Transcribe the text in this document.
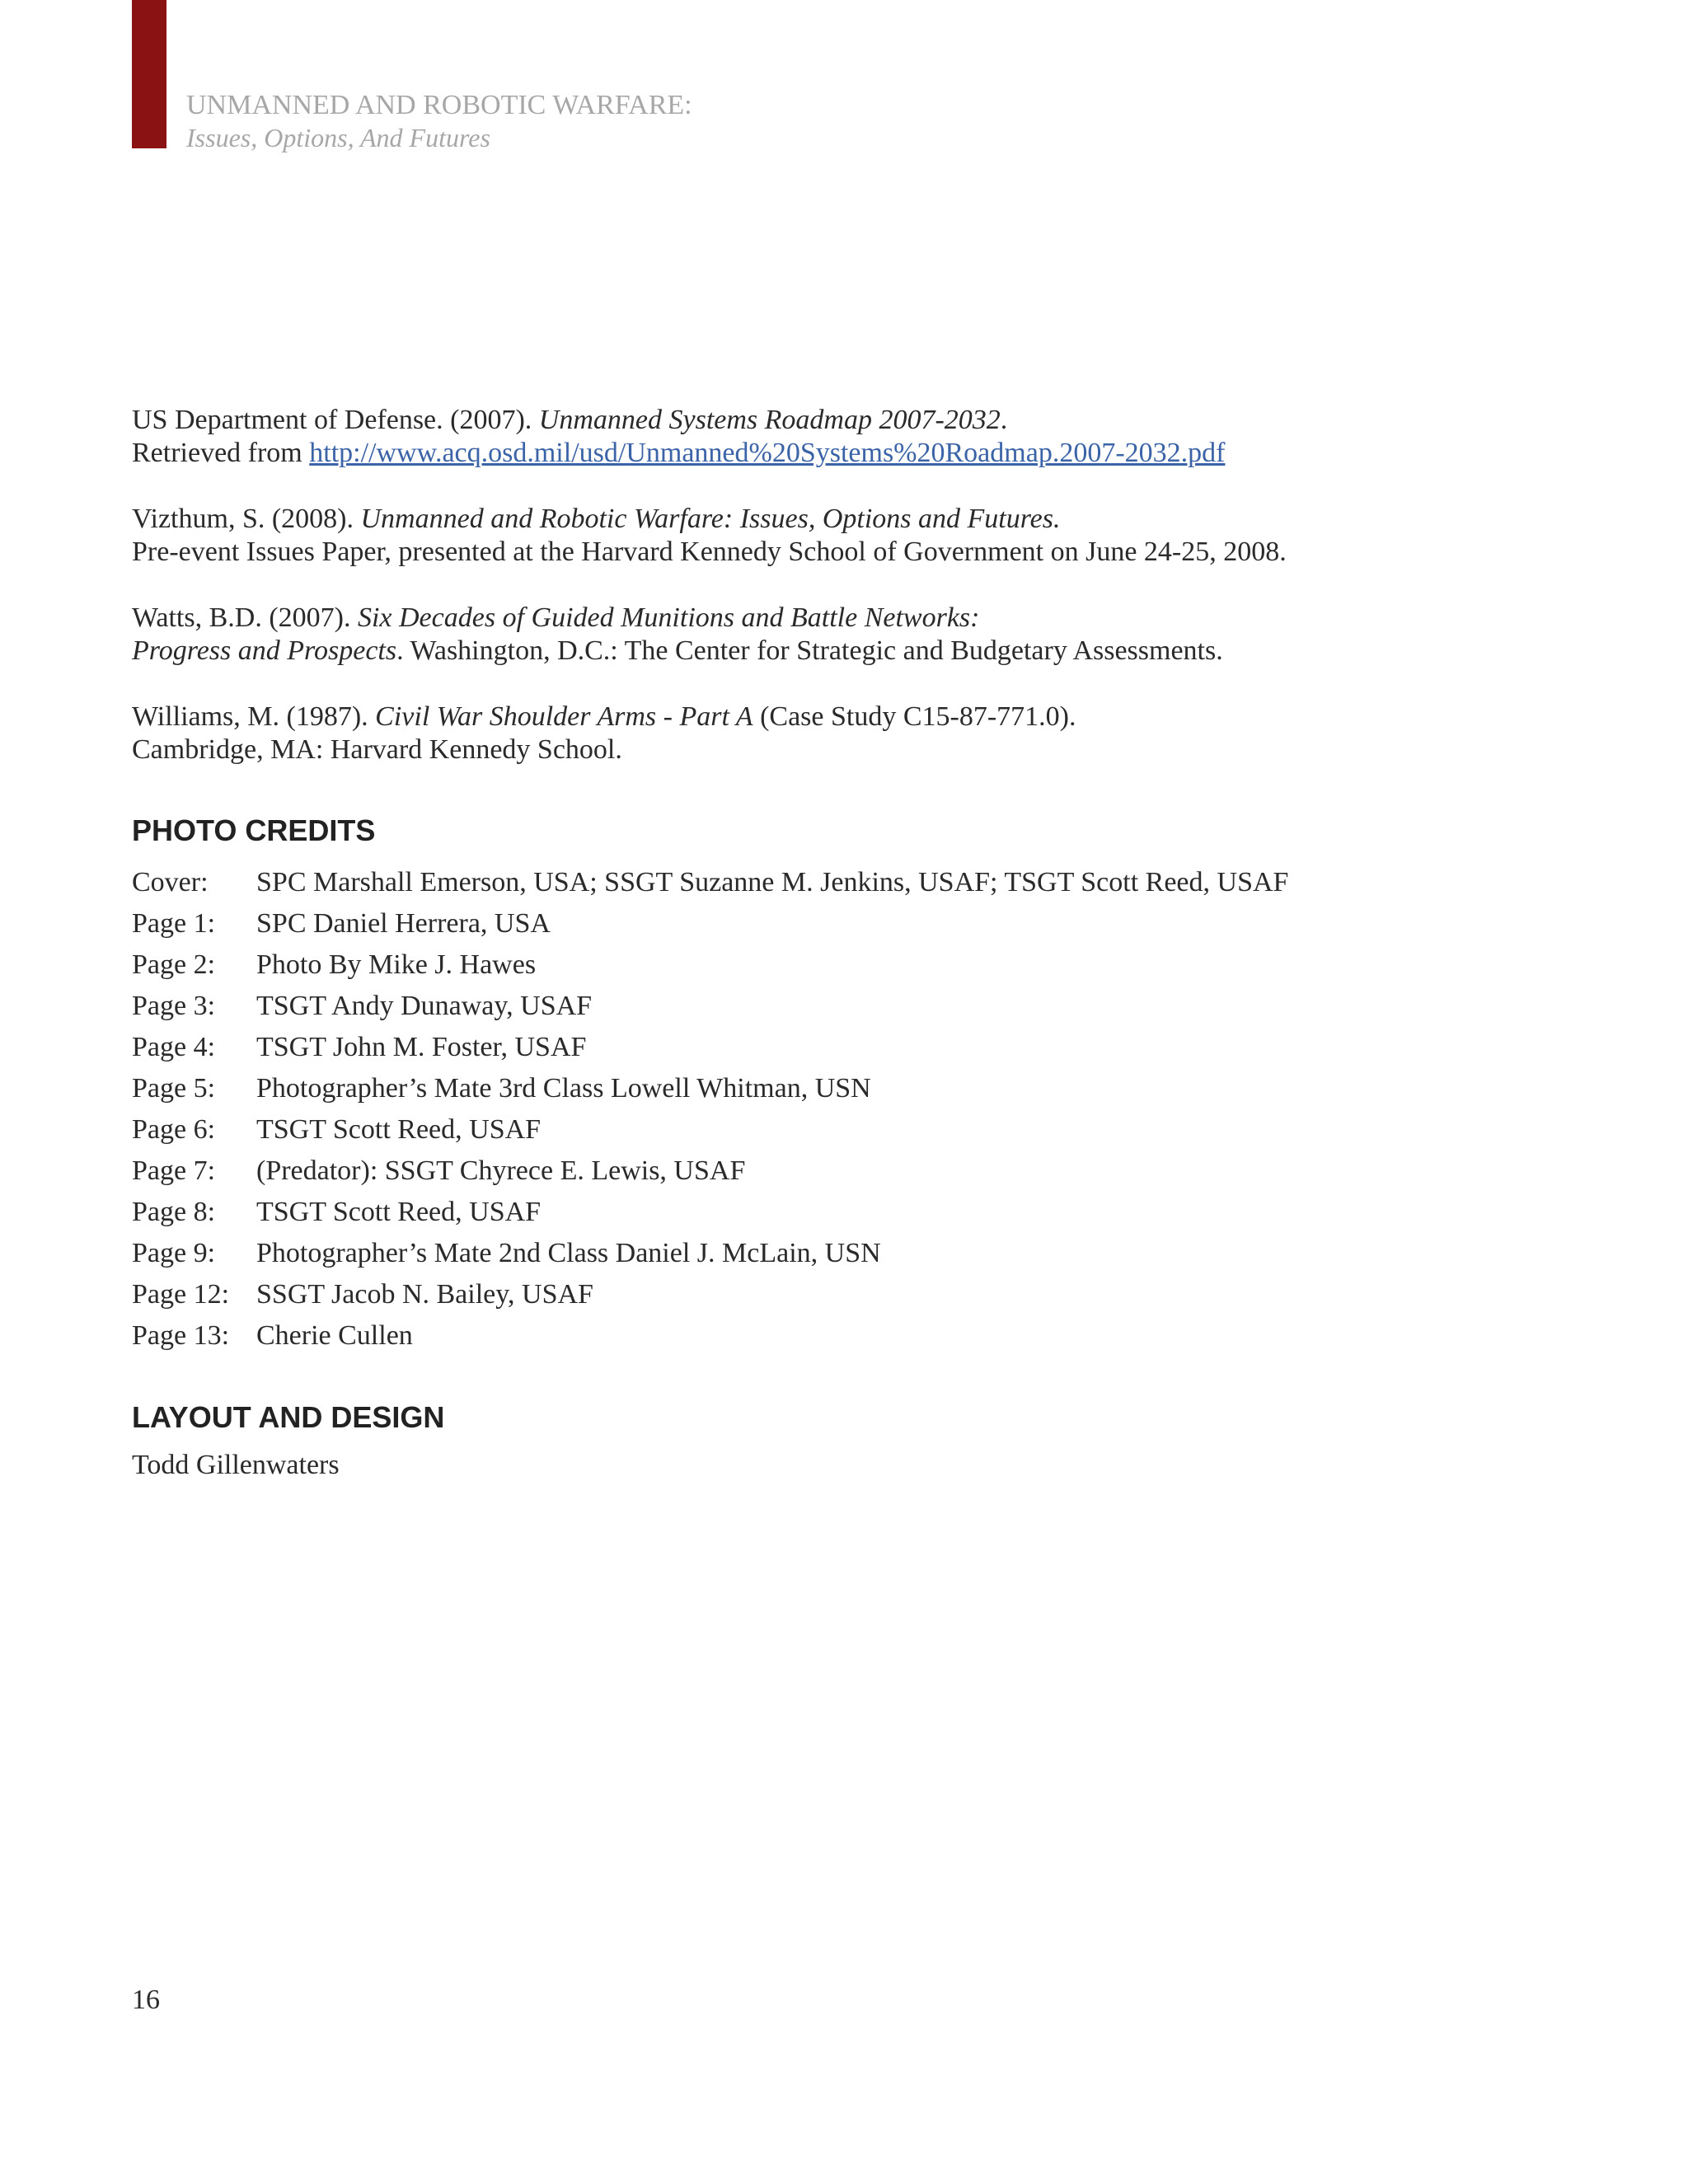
UNMANNED AND ROBOTIC WARFARE:
Issues, Options, And Futures
US Department of Defense. (2007). Unmanned Systems Roadmap 2007-2032.
Retrieved from http://www.acq.osd.mil/usd/Unmanned%20Systems%20Roadmap.2007-2032.pdf
Vizthum, S. (2008). Unmanned and Robotic Warfare: Issues, Options and Futures.
Pre-event Issues Paper, presented at the Harvard Kennedy School of Government on June 24-25, 2008.
Watts, B.D. (2007). Six Decades of Guided Munitions and Battle Networks:
Progress and Prospects. Washington, D.C.: The Center for Strategic and Budgetary Assessments.
Williams, M. (1987). Civil War Shoulder Arms - Part A (Case Study C15-87-771.0).
Cambridge, MA: Harvard Kennedy School.
PHOTO CREDITS
Cover:	SPC Marshall Emerson, USA; SSGT Suzanne M. Jenkins, USAF; TSGT Scott Reed, USAF
Page 1:	SPC Daniel Herrera, USA
Page 2:	Photo By Mike J. Hawes
Page 3:	TSGT Andy Dunaway, USAF
Page 4:	TSGT John M. Foster, USAF
Page 5:	Photographer’s Mate 3rd Class Lowell Whitman, USN
Page 6:	TSGT Scott Reed, USAF
Page 7:	(Predator): SSGT Chyrece E. Lewis, USAF
Page 8:	TSGT Scott Reed, USAF
Page 9:	Photographer’s Mate 2nd Class Daniel J. McLain, USN
Page 12: SSGT Jacob N. Bailey, USAF
Page 13: Cherie Cullen
LAYOUT AND DESIGN
Todd Gillenwaters
16
